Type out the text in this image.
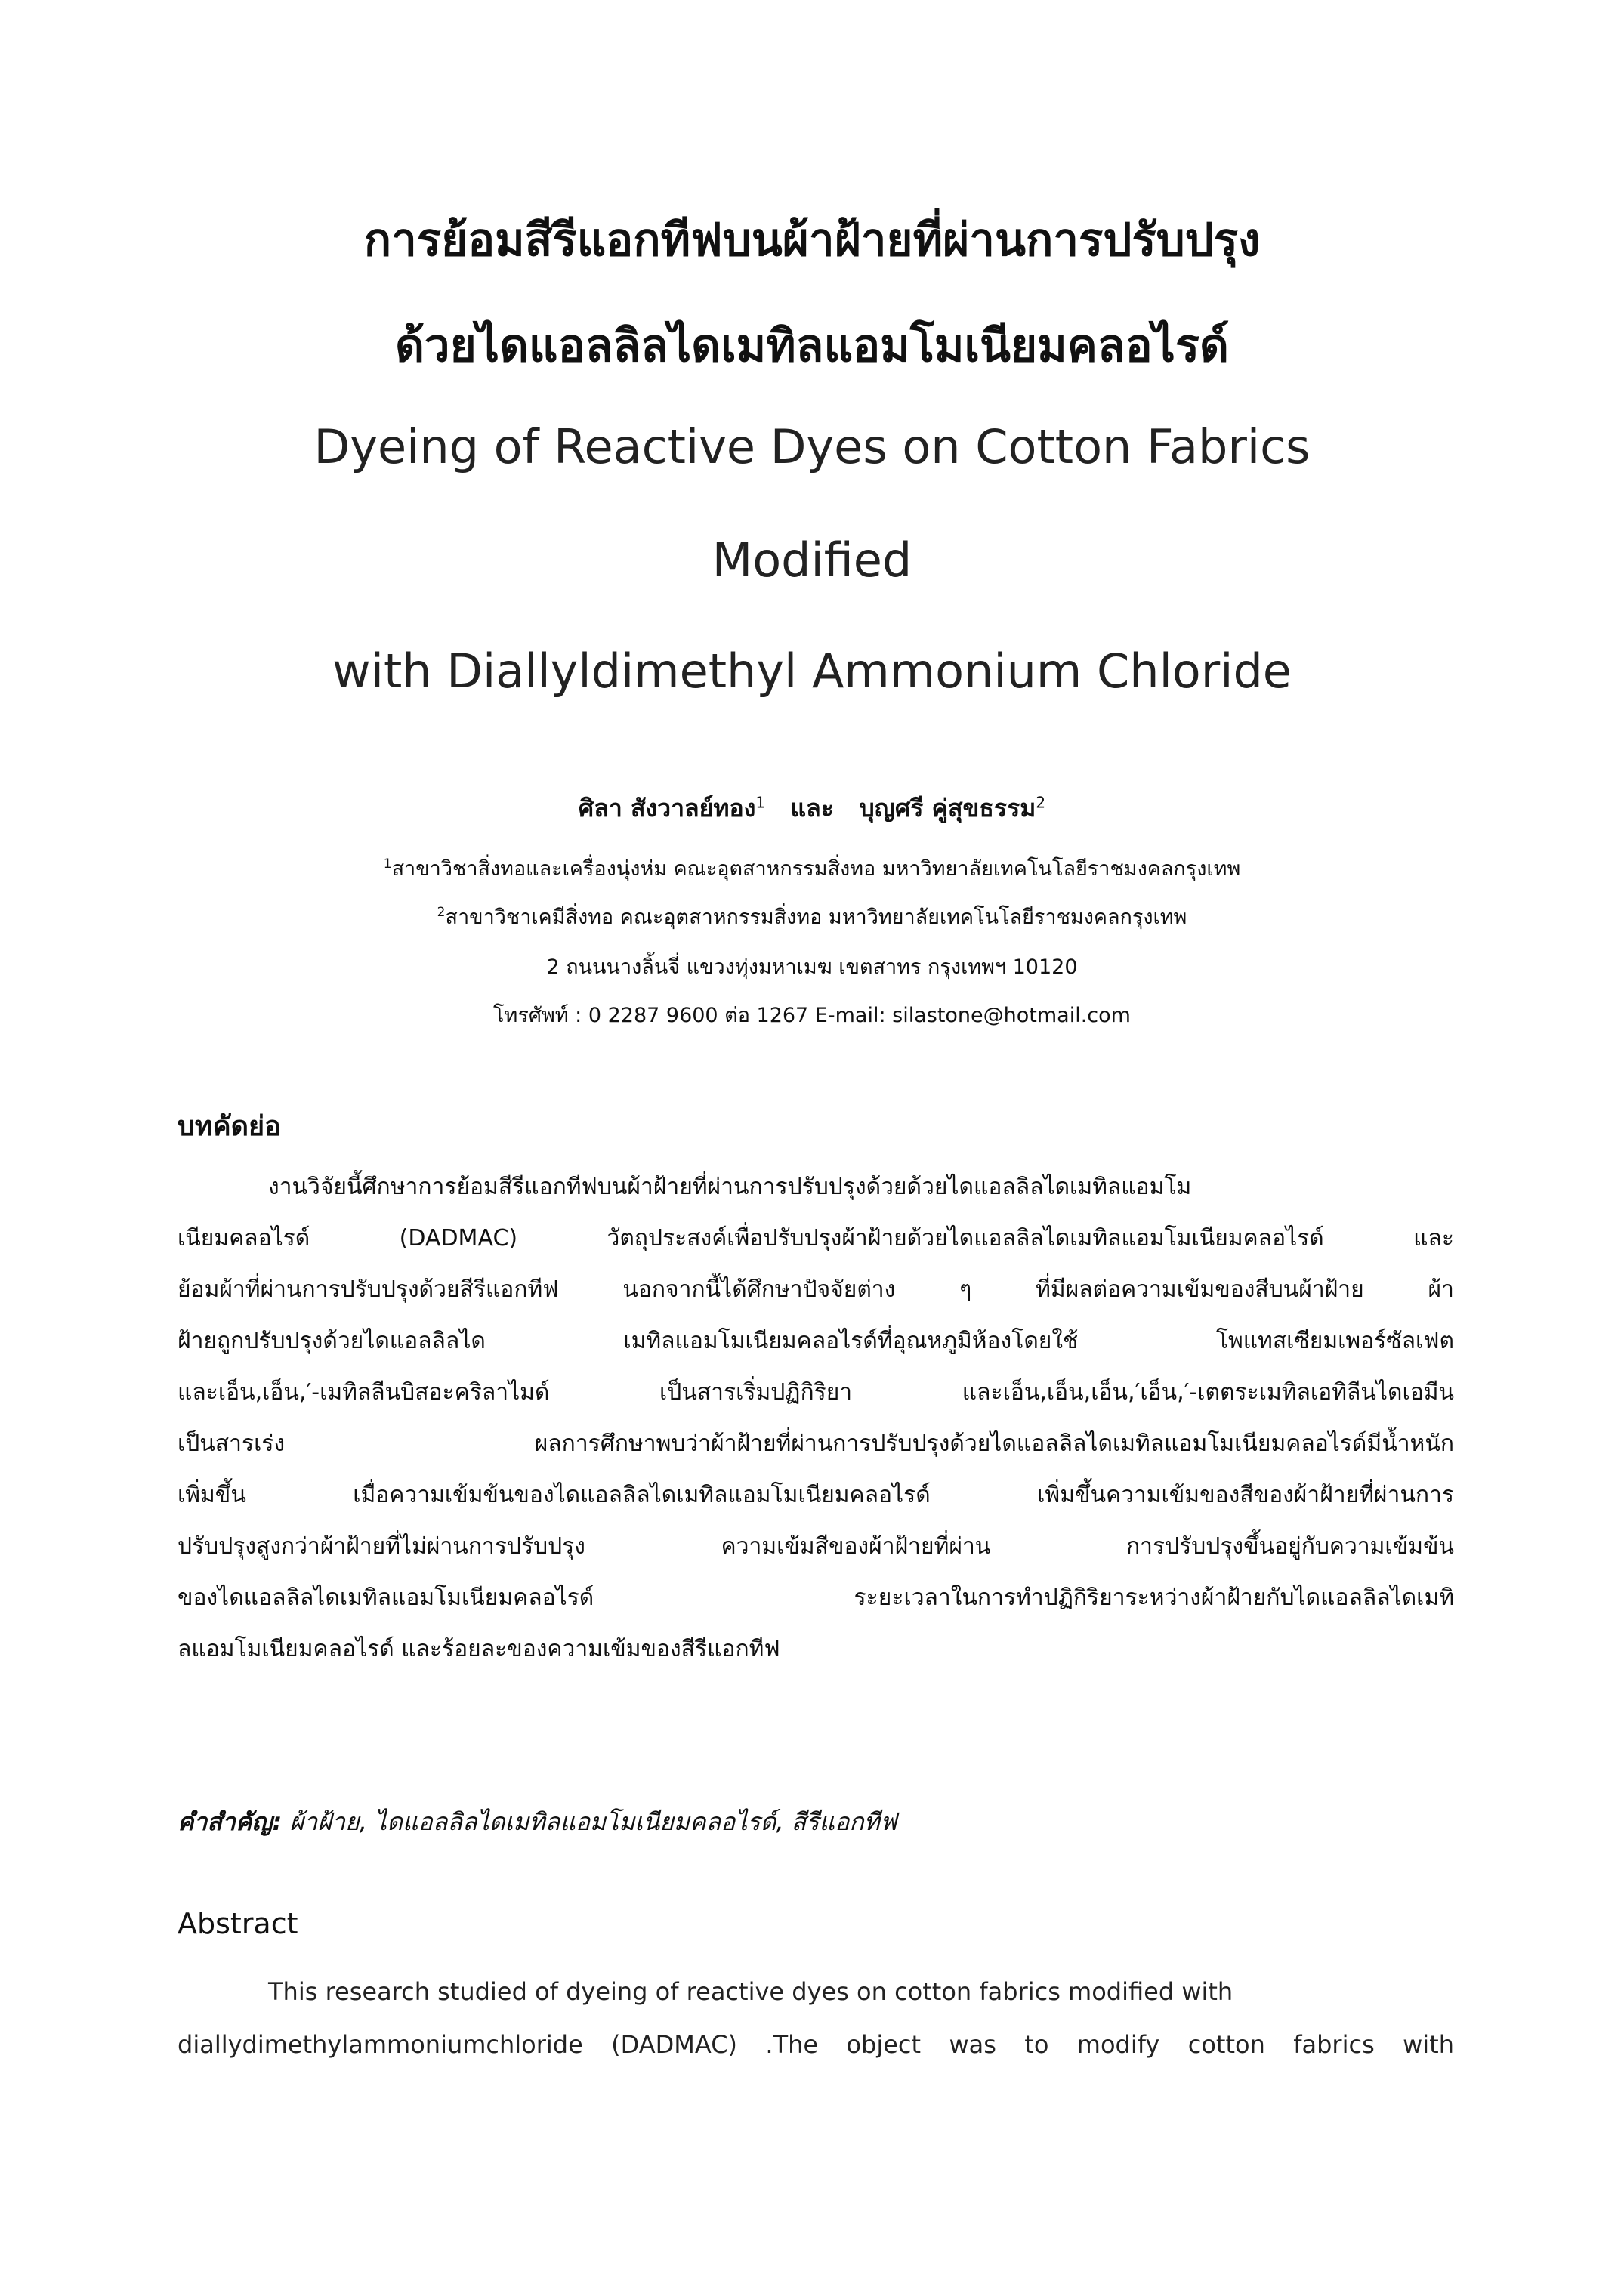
การย้อมสีรีแอกทีฟบนผ้าฝ้ายที่ผ่านการปรับปรุง
ด้วยไดแอลลิลไดเมทิลแอมโมเนียมคลอไรด์
Dyeing of Reactive Dyes on Cotton Fabrics
Modified
with Diallyldimethyl Ammonium Chloride
ศิลา สังวาลย์ทอง$^1$ และ บุญศรี คู่สุขธรรม$^2$
$^1$สาขาวิชาสิ่งทอและเครื่องนุ่งห่ม คณะอุตสาหกรรมสิ่งทอ มหาวิทยาลัยเทคโนโลยีราชมงคลกรุงเทพ
$^2$สาขาวิชาเคมีสิ่งทอ คณะอุตสาหกรรมสิ่งทอ มหาวิทยาลัยเทคโนโลยีราชมงคลกรุงเทพ
2 ถนนนางลิ้นจี่ แขวงทุ่งมหาเมฆ เขตสาทร กรุงเทพฯ 10120
โทรศัพท์ : 0 2287 9600 ต่อ 1267 E-mail: silastone@hotmail.com
บทคัดย่อ
งานวิจัยนี้ศึกษาการย้อมสีรีแอกทีฟบนผ้าฝ้ายที่ผ่านการปรับปรุงด้วยด้วยไดแอลลิลไดเมทิลแอมโม
เนียมคลอไรด์ (DADMAC) วัตถุประสงค์เพื่อปรับปรุงผ้าฝ้ายด้วยไดแอลลิลไดเมทิลแอมโมเนียมคลอไรด์ และ
ย้อมผ้าที่ผ่านการปรับปรุงด้วยสีรีแอกทีฟ นอกจากนี้ได้ศึกษาปัจจัยต่าง ๆ ที่มีผลต่อความเข้มของสีบนผ้าฝ้าย ผ้า
ฝ้ายถูกปรับปรุงด้วยไดแอลลิลได เมทิลแอมโมเนียมคลอไรด์ที่อุณหภูมิห้องโดยใช้ โพแทสเซียมเพอร์ซัลเฟต
และเอ็น,เอ็น,′-เมทิลลีนบิสอะคริลาไมด์ เป็นสารเริ่มปฏิกิริยา และเอ็น,เอ็น,เอ็น,′เอ็น,′-เตตระเมทิลเอทิลีนไดเอมีน
เป็นสารเร่ง ผลการศึกษาพบว่าผ้าฝ้ายที่ผ่านการปรับปรุงด้วยไดแอลลิลไดเมทิลแอมโมเนียมคลอไรด์มีน้ำหนัก
เพิ่มขึ้น เมื่อความเข้มข้นของไดแอลลิลไดเมทิลแอมโมเนียมคลอไรด์ เพิ่มขึ้นความเข้มของสีของผ้าฝ้ายที่ผ่านการ
ปรับปรุงสูงกว่าผ้าฝ้ายที่ไม่ผ่านการปรับปรุง ความเข้มสีของผ้าฝ้ายที่ผ่าน การปรับปรุงขึ้นอยู่กับความเข้มข้น
ของไดแอลลิลไดเมทิลแอมโมเนียมคลอไรด์ ระยะเวลาในการทำปฏิกิริยาระหว่างผ้าฝ้ายกับไดแอลลิลไดเมทิ
ลแอมโมเนียมคลอไรด์ และร้อยละของความเข้มของสีรีแอกทีฟ
คำสำคัญ: ผ้าฝ้าย, ไดแอลลิลไดเมทิลแอมโมเนียมคลอไรด์, สีรีแอกทีฟ
Abstract
This research studied of dyeing of reactive dyes on cotton fabrics modified with
diallydimethylammoniumchloride (DADMAC) .The object was to modify cotton fabrics with
